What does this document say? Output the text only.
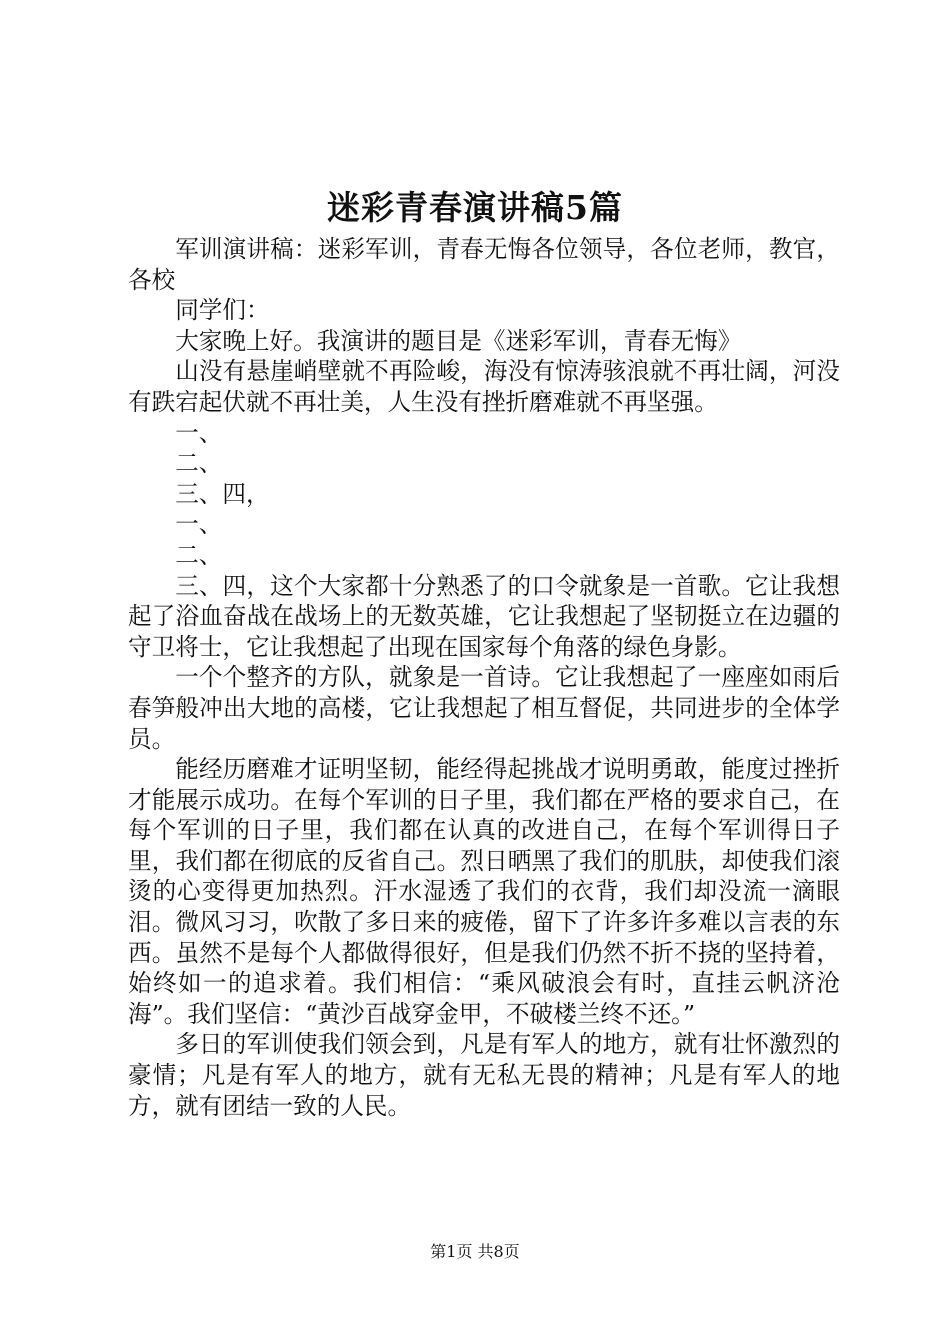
迷彩青春演讲稿5篇

军训演讲稿：迷彩军训，青春无悔各位领导，各位老师，教官，各校

同学们：

大家晚上好。我演讲的题目是《迷彩军训，青春无悔》

山没有悬崖峭壁就不再险峻，海没有惊涛骇浪就不再壮阔，河没有跌宕起伏就不再壮美，人生没有挫折磨难就不再坚强。

一、

二、

三、四，

一、

二、

三、四，这个大家都十分熟悉了的口令就象是一首歌。它让我想起了浴血奋战在战场上的无数英雄，它让我想起了坚韧挺立在边疆的守卫将士，它让我想起了出现在国家每个角落的绿色身影。

一个个整齐的方队，就象是一首诗。它让我想起了一座座如雨后春笋般冲出大地的高楼，它让我想起了相互督促，共同进步的全体学员。

能经历磨难才证明坚韧，能经得起挑战才说明勇敢，能度过挫折才能展示成功。在每个军训的日子里，我们都在严格的要求自己，在每个军训的日子里，我们都在认真的改进自己，在每个军训得日子里，我们都在彻底的反省自己。烈日晒黑了我们的肌肤，却使我们滚烫的心变得更加热烈。汗水湿透了我们的衣背，我们却没流一滴眼泪。微风习习，吹散了多日来的疲倦，留下了许多许多难以言表的东西。虽然不是每个人都做得很好，但是我们仍然不折不挠的坚持着，始终如一的追求着。我们相信：“乘风破浪会有时，直挂云帆济沧海”。我们坚信：“黄沙百战穿金甲，不破楼兰终不还。”

多日的军训使我们领会到，凡是有军人的地方，就有壮怀激烈的豪情；凡是有军人的地方，就有无私无畏的精神；凡是有军人的地方，就有团结一致的人民。

第1页 共8页
